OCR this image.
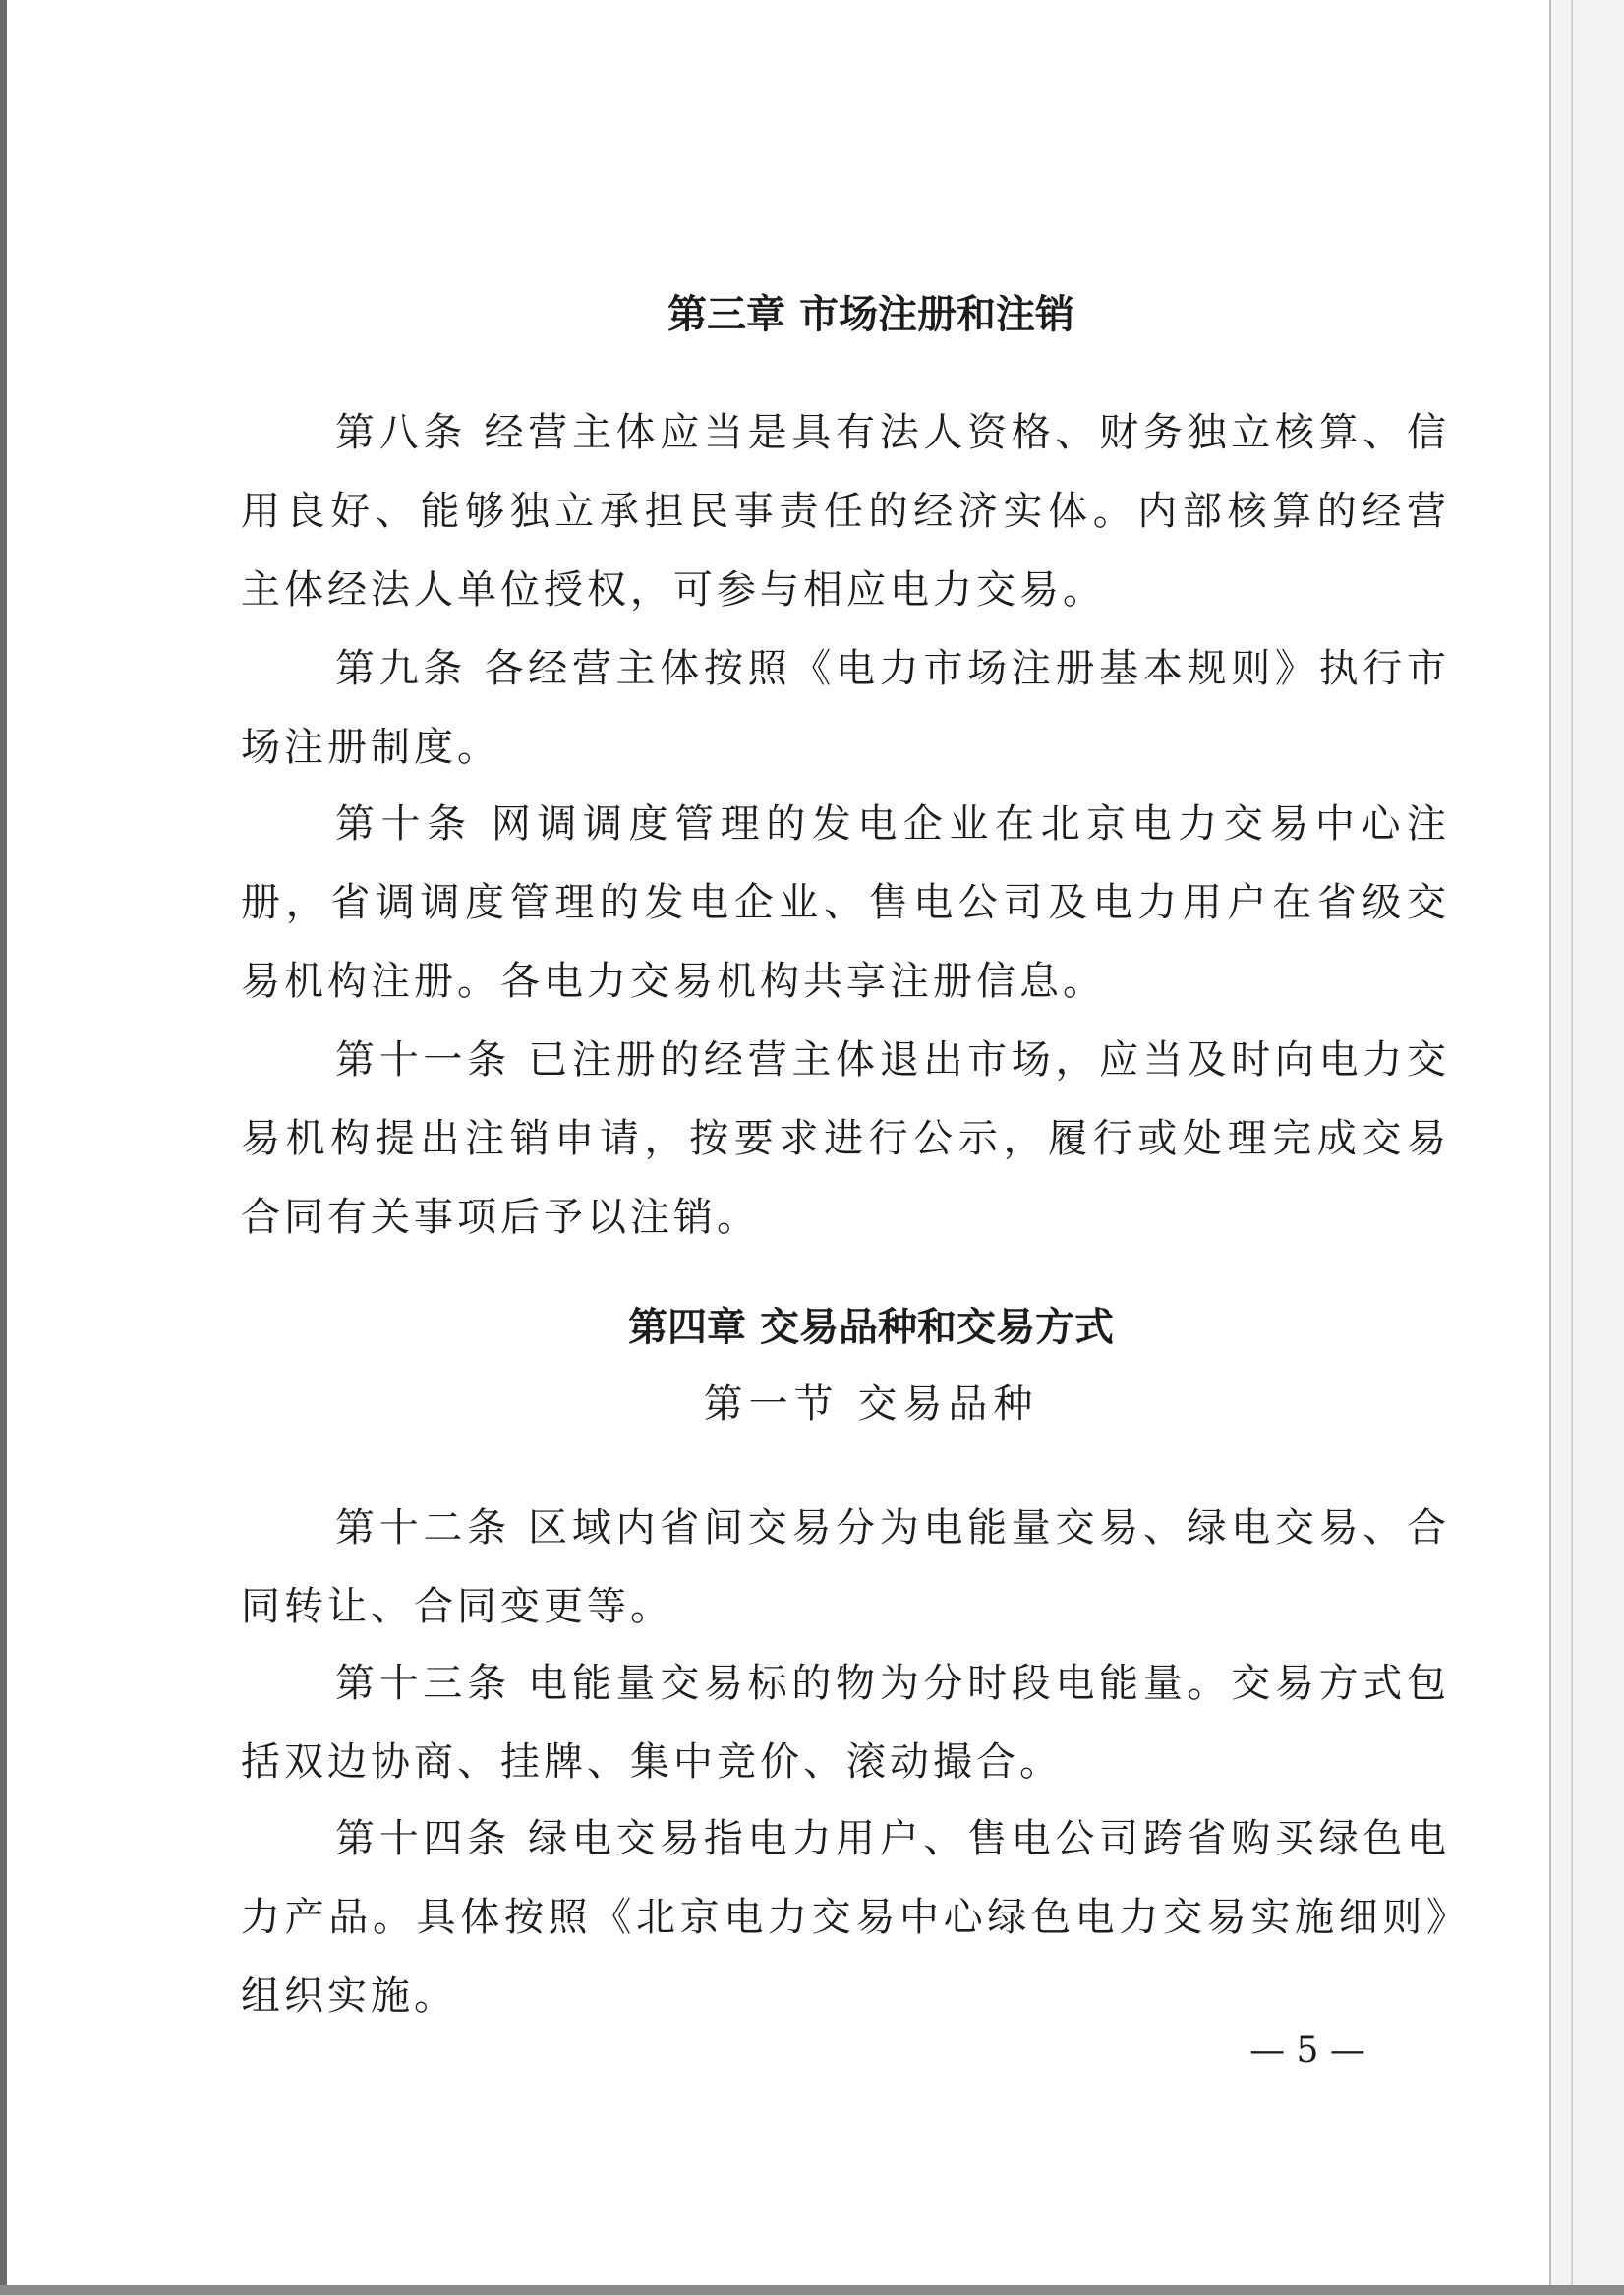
第三章 市场注册和注销

第八条 经营主体应当是具有法人资格、财务独立核算、信用良好、能够独立承担民事责任的经济实体。内部核算的经营主体经法人单位授权，可参与相应电力交易。

第九条 各经营主体按照《电力市场注册基本规则》执行市场注册制度。

第十条 网调调度管理的发电企业在北京电力交易中心注册，省调调度管理的发电企业、售电公司及电力用户在省级交易机构注册。各电力交易机构共享注册信息。

第十一条 已注册的经营主体退出市场，应当及时向电力交易机构提出注销申请，按要求进行公示，履行或处理完成交易合同有关事项后予以注销。

第四章 交易品种和交易方式
第一节 交易品种

第十二条 区域内省间交易分为电能量交易、绿电交易、合同转让、合同变更等。

第十三条 电能量交易标的物为分时段电能量。交易方式包括双边协商、挂牌、集中竞价、滚动撮合。

第十四条 绿电交易指电力用户、售电公司跨省购买绿色电力产品。具体按照《北京电力交易中心绿色电力交易实施细则》组织实施。

— 5 —
